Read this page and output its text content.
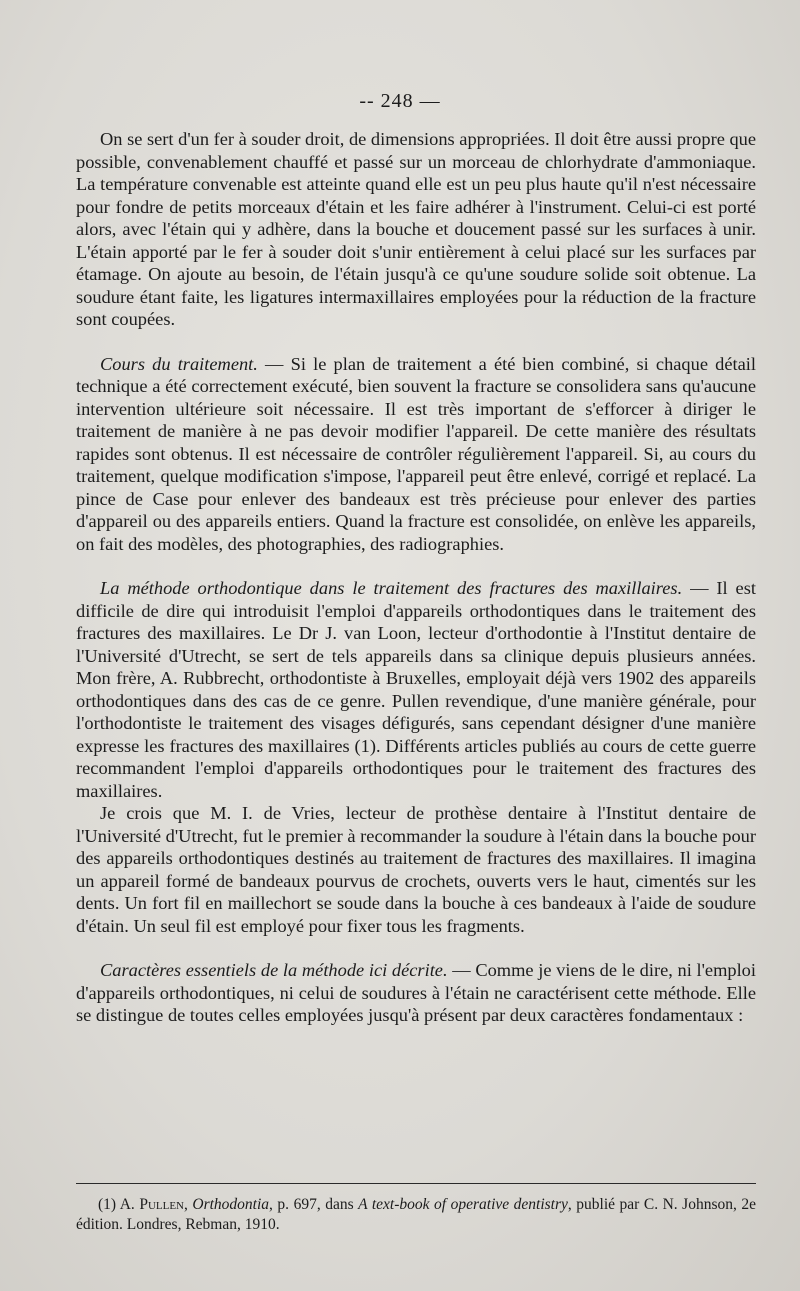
-- 248 —

On se sert d'un fer à souder droit, de dimensions appropriées. Il doit être aussi propre que possible, convenablement chauffé et passé sur un morceau de chlorhydrate d'ammoniaque. La température convenable est atteinte quand elle est un peu plus haute qu'il n'est nécessaire pour fondre de petits morceaux d'étain et les faire adhérer à l'instrument. Celui-ci est porté alors, avec l'étain qui y adhère, dans la bouche et doucement passé sur les surfaces à unir. L'étain apporté par le fer à souder doit s'unir entièrement à celui placé sur les surfaces par étamage. On ajoute au besoin, de l'étain jusqu'à ce qu'une soudure solide soit obtenue. La soudure étant faite, les ligatures intermaxillaires employées pour la réduction de la fracture sont coupées.

Cours du traitement. — Si le plan de traitement a été bien combiné, si chaque détail technique a été correctement exécuté, bien souvent la fracture se consolidera sans qu'aucune intervention ultérieure soit nécessaire. Il est très important de s'efforcer à diriger le traitement de manière à ne pas devoir modifier l'appareil. De cette manière des résultats rapides sont obtenus. Il est nécessaire de contrôler régulièrement l'appareil. Si, au cours du traitement, quelque modification s'impose, l'appareil peut être enlevé, corrigé et replacé. La pince de Case pour enlever des bandeaux est très précieuse pour enlever des parties d'appareil ou des appareils entiers. Quand la fracture est consolidée, on enlève les appareils, on fait des modèles, des photographies, des radiographies.

La méthode orthodontique dans le traitement des fractures des maxillaires. — Il est difficile de dire qui introduisit l'emploi d'appareils orthodontiques dans le traitement des fractures des maxillaires. Le Dr J. van Loon, lecteur d'orthodontie à l'Institut dentaire de l'Université d'Utrecht, se sert de tels appareils dans sa clinique depuis plusieurs années. Mon frère, A. Rubbrecht, orthodontiste à Bruxelles, employait déjà vers 1902 des appareils orthodontiques dans des cas de ce genre. Pullen revendique, d'une manière générale, pour l'orthodontiste le traitement des visages défigurés, sans cependant désigner d'une manière expresse les fractures des maxillaires (1). Différents articles publiés au cours de cette guerre recommandent l'emploi d'appareils orthodontiques pour le traitement des fractures des maxillaires.

Je crois que M. I. de Vries, lecteur de prothèse dentaire à l'Institut dentaire de l'Université d'Utrecht, fut le premier à recommander la soudure à l'étain dans la bouche pour des appareils orthodontiques destinés au traitement de fractures des maxillaires. Il imagina un appareil formé de bandeaux pourvus de crochets, ouverts vers le haut, cimentés sur les dents. Un fort fil en maillechort se soude dans la bouche à ces bandeaux à l'aide de soudure d'étain. Un seul fil est employé pour fixer tous les fragments.

Caractères essentiels de la méthode ici décrite. — Comme je viens de le dire, ni l'emploi d'appareils orthodontiques, ni celui de soudures à l'étain ne caractérisent cette méthode. Elle se distingue de toutes celles employées jusqu'à présent par deux caractères fondamentaux :

(1) A. Pullen, Orthodontia, p. 697, dans A text-book of operative dentistry, publié par C. N. Johnson, 2e édition. Londres, Rebman, 1910.
